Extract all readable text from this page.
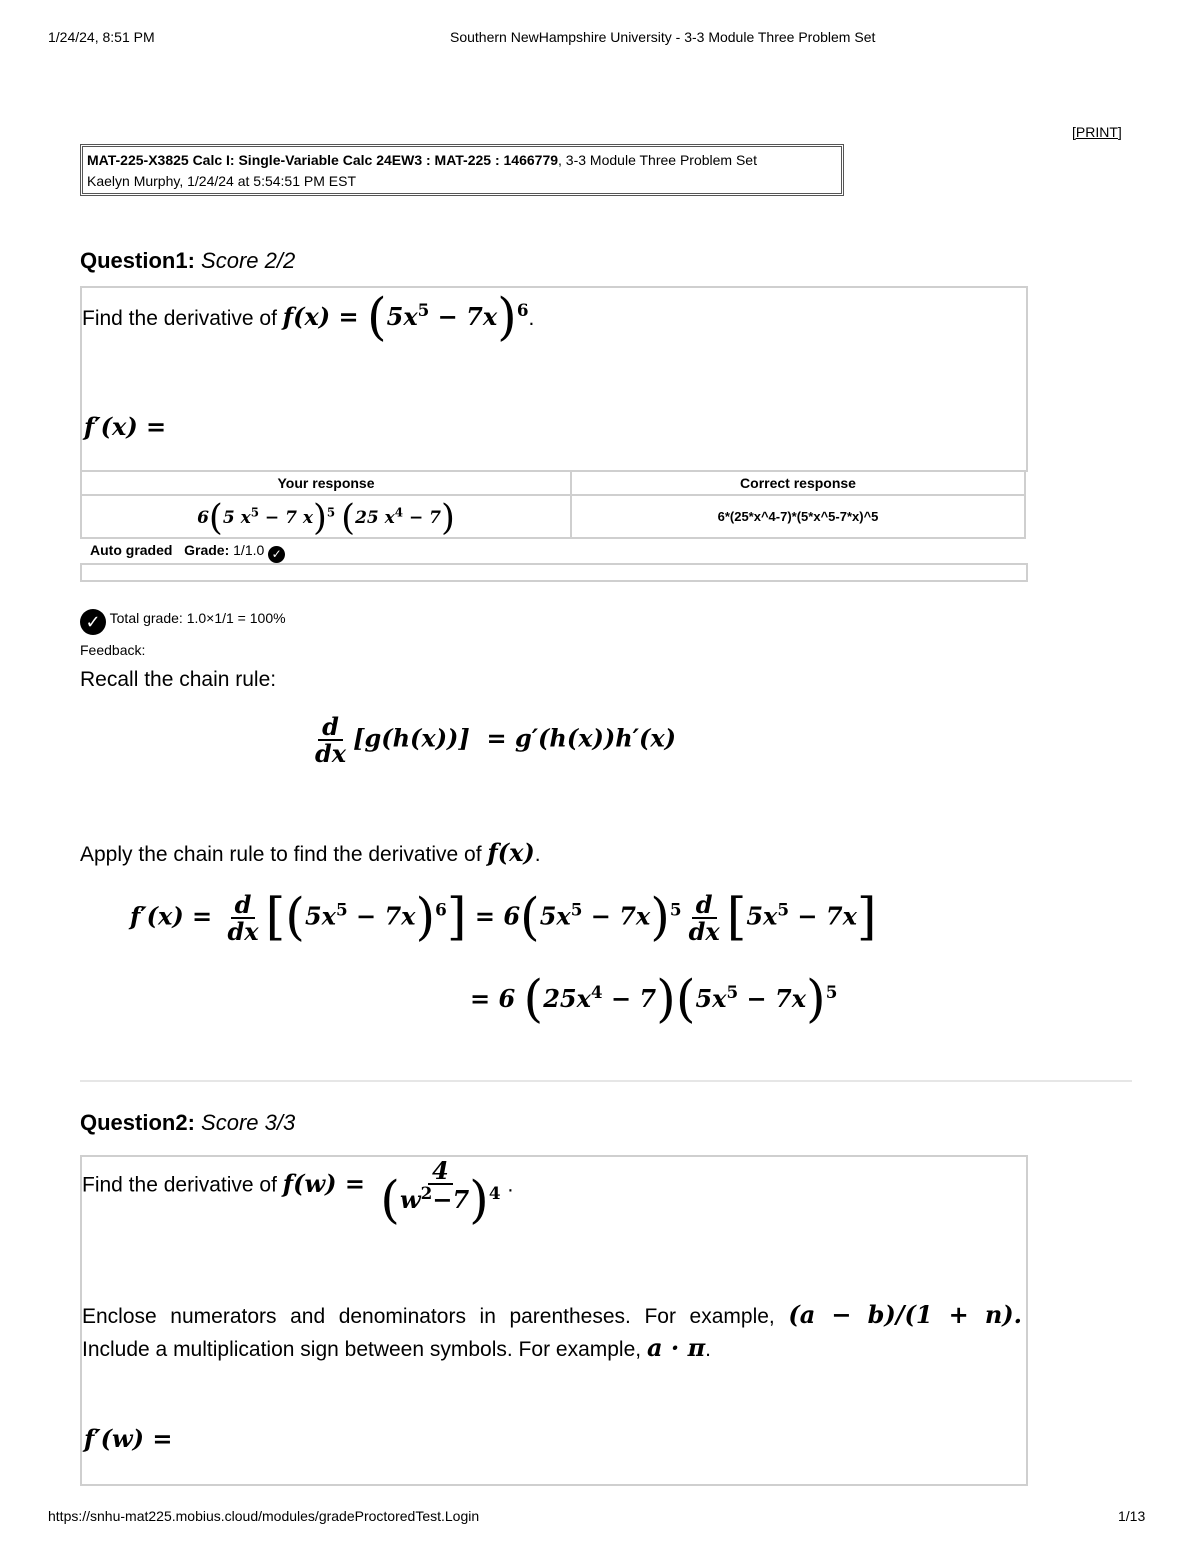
1/24/24, 8:51 PM	Southern NewHampshire University - 3-3 Module Three Problem Set
[PRINT]
MAT-225-X3825 Calc I: Single-Variable Calc 24EW3 : MAT-225 : 1466779, 3-3 Module Three Problem Set
Kaelyn Murphy, 1/24/24 at 5:54:51 PM EST
Question1: Score 2/2
Find the derivative of $f(x) = (5x^5 - 7x)^6$.
f′(x) =
Your response	Correct response
6(5 $x^5 - 7$ x)$^5$ (25 $x^4 - 7$)	6*(25*x^4-7)*(5*x^5-7*x)^5
Auto graded Grade: 1/1.0 ✓
✓ Total grade: 1.0×1/1 = 100%
Feedback:
Recall the chain rule:
$\frac{d}{dx} [g(h(x))] = g'(h(x))h'(x)$
Apply the chain rule to find the derivative of f(x).
$f'(x) = \frac{d}{dx} [(5x^5 - 7x)^6] = 6(5x^5 - 7x)^5 \frac{d}{dx} [5x^5 - 7x]$
= 6 $(25x^4 - 7)(5x^5 - 7x)^5$
Question2: Score 3/3
Find the derivative of $f(w) = \frac{4}{(w^2-7)^4}$ .
Enclose numerators and denominators in parentheses. For example, (a − b)/(1 + n).
Include a multiplication sign between symbols. For example, a · π.
f′(w) =
https://snhu-mat225.mobius.cloud/modules/gradeProctoredTest.Login	1/13
